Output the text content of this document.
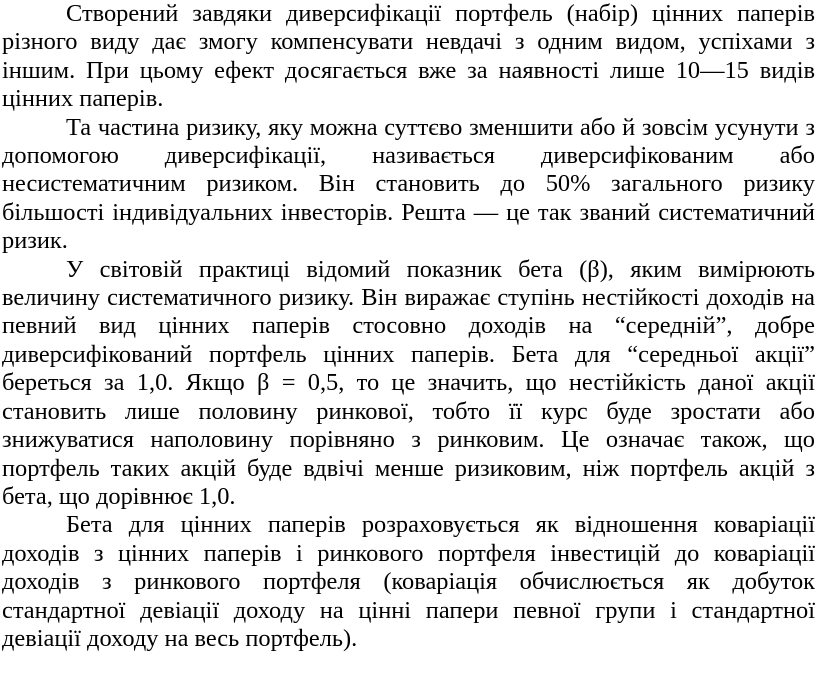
Створений завдяки диверсифікації портфель (набір) цінних паперів різного виду дає змогу компенсувати невдачі з одним видом, успіхами з іншим. При цьому ефект досягається вже за наявності лише 10—15 видів цінних паперів.

Та частина ризику, яку можна суттєво зменшити або й зовсім усунути з допомогою диверсифікації, називається диверсифікованим або несистематичним ризиком. Він становить до 50% загального ризику більшості індивідуальних інвесторів. Решта — це так званий систематичний ризик.

У світовій практиці відомий показник бета (β), яким вимірюють величину систематичного ризику. Він виражає ступінь нестійкості доходів на певний вид цінних паперів стосовно доходів на “середній”, добре диверсифікований портфель цінних паперів. Бета для “середньої акції” береться за 1,0. Якщо β = 0,5, то це значить, що нестійкість даної акції становить лише половину ринкової, тобто її курс буде зростати або знижуватися наполовину порівняно з ринковим. Це означає також, що портфель таких акцій буде вдвічі менше ризиковим, ніж портфель акцій з бета, що дорівнює 1,0.

Бета для цінних паперів розраховується як відношення коваріації доходів з цінних паперів і ринкового портфеля інвестицій до коваріації доходів з ринкового портфеля (коваріація обчислюється як добуток стандартної девіації доходу на цінні папери певної групи і стандартної девіації доходу на весь портфель).
